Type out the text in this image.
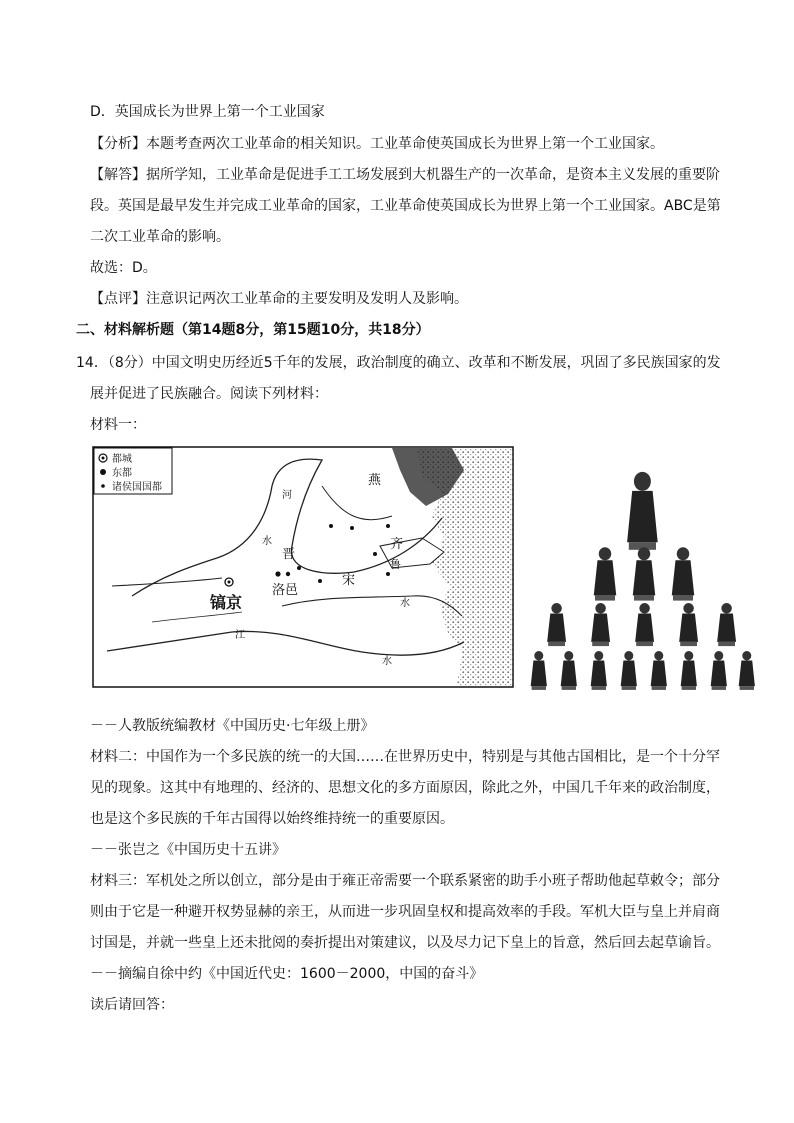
D．英国成长为世界上第一个工业国家
【分析】本题考查两次工业革命的相关知识。工业革命使英国成长为世界上第一个工业国家。
【解答】据所学知，工业革命是促进手工工场发展到大机器生产的一次革命，是资本主义发展的重要阶
段。英国是最早发生并完成工业革命的国家，工业革命使英国成长为世界上第一个工业国家。ABC是第
二次工业革命的影响。
故选：D。
【点评】注意识记两次工业革命的主要发明及发明人及影响。
二、材料解析题（第14题8分，第15题10分，共18分）
14．（8分）中国文明史历经近5千年的发展，政治制度的确立、改革和不断发展，巩固了多民族国家的发
展并促进了民族融合。阅读下列材料：
材料一：
都城
东都
诸侯国国都	燕
晋
齐
鲁
宋
洛邑
镐京
河
水
水
江
水
－－人教版统编教材《中国历史·七年级上册》
材料二：中国作为一个多民族的统一的大国……在世界历史中，特别是与其他古国相比，是一个十分罕
见的现象。这其中有地理的、经济的、思想文化的多方面原因，除此之外，中国几千年来的政治制度，
也是这个多民族的千年古国得以始终维持统一的重要原因。
－－张岂之《中国历史十五讲》
材料三：军机处之所以创立，部分是由于雍正帝需要一个联系紧密的助手小班子帮助他起草敕令；部分
则由于它是一种避开权势显赫的亲王，从而进一步巩固皇权和提高效率的手段。军机大臣与皇上并肩商
讨国是，并就一些皇上还未批阅的奏折提出对策建议，以及尽力记下皇上的旨意，然后回去起草谕旨。
－－摘编自徐中约《中国近代史：1600－2000，中国的奋斗》
读后请回答：
